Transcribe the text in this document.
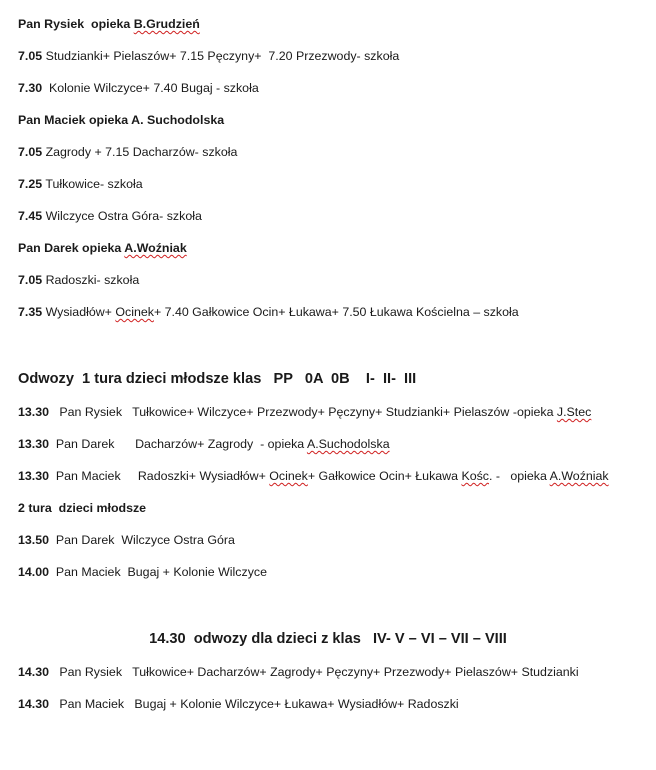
Pan Rysiek  opieka B.Grudzień
7.05 Studzianki+ Pielaszów+ 7.15 Pęczyny+  7.20 Przezwody- szkoła
7.30  Kolonie Wilczyce+ 7.40 Bugaj - szkoła
Pan Maciek opieka A. Suchodolska
7.05 Zagrody + 7.15 Dacharzów- szkoła
7.25 Tułkowice- szkoła
7.45 Wilczyce Ostra Góra- szkoła
Pan Darek opieka A.Woźniak
7.05 Radoszki- szkoła
7.35 Wysiadłów+ Ocinek+ 7.40 Gałkowice Ocin+ Łukawa+ 7.50 Łukawa Kościelna – szkoła
Odwozy  1 tura dzieci młodsze klas   PP   0A  0B    I-  II-  III
13.30   Pan Rysiek   Tułkowice+ Wilczyce+ Przezwody+ Pęczyny+ Studzianki+ Pielaszów -opieka J.Stec
13.30  Pan Darek      Dacharzów+ Zagrody  - opieka A.Suchodolska
13.30  Pan Maciek     Radoszki+ Wysiadłów+ Ocinek+ Gałkowice Ocin+ Łukawa Kośc. -   opieka A.Woźniak
2 tura  dzieci młodsze
13.50  Pan Darek  Wilczyce Ostra Góra
14.00  Pan Maciek  Bugaj + Kolonie Wilczyce
14.30  odwozy dla dzieci z klas   IV- V – VI – VII – VIII
14.30   Pan Rysiek   Tułkowice+ Dacharzów+ Zagrody+ Pęczyny+ Przezwody+ Pielaszów+ Studzianki
14.30   Pan Maciek   Bugaj + Kolonie Wilczyce+ Łukawa+ Wysiadłów+ Radoszki
